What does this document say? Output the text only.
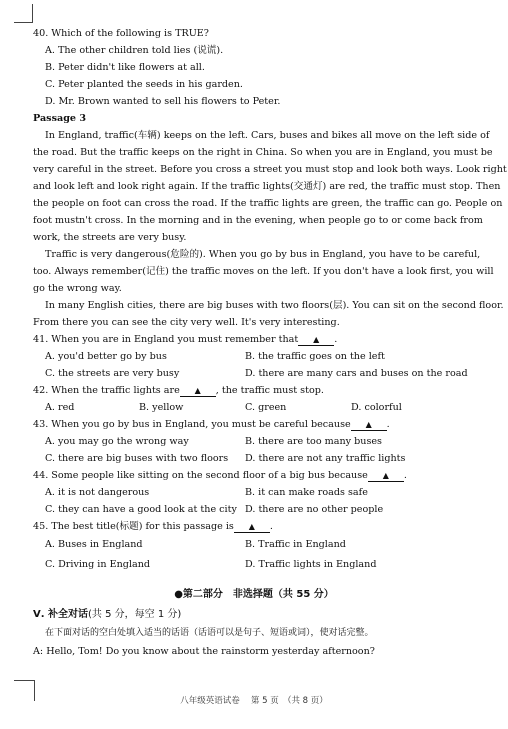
40. Which of the following is TRUE?
A. The other children told lies (说谎).
B. Peter didn't like flowers at all.
C. Peter planted the seeds in his garden.
D. Mr. Brown wanted to sell his flowers to Peter.
Passage 3
In England, traffic(车辆) keeps on the left. Cars, buses and bikes all move on the left side of
the road. But the traffic keeps on the right in China. So when you are in England, you must be
very careful in the street. Before you cross a street you must stop and look both ways. Look right
and look left and look right again. If the traffic lights(交通灯) are red, the traffic must stop. Then
the people on foot can cross the road. If the traffic lights are green, the traffic can go. People on
foot mustn't cross. In the morning and in the evening, when people go to or come back from
work, the streets are very busy.
Traffic is very dangerous(危险的). When you go by bus in England, you have to be careful,
too. Always remember(记住) the traffic moves on the left. If you don't have a look first, you will
go the wrong way.
In many English cities, there are big buses with two floors(层). You can sit on the second floor.
From there you can see the city very well. It's very interesting.
41. When you are in England you must remember that ▲ .
A. you'd better go by bus	B. the traffic goes on the left
C. the streets are very busy	D. there are many cars and buses on the road
42. When the traffic lights are ▲ , the traffic must stop.
A. red	B. yellow	C. green	D. colorful
43. When you go by bus in England, you must be careful because ▲ .
A. you may go the wrong way	B. there are too many buses
C. there are big buses with two floors	D. there are not any traffic lights
44. Some people like sitting on the second floor of a big bus because ▲ .
A. it is not dangerous	B. it can make roads safe
C. they can have a good look at the city D. there are no other people
45. The best title(标题) for this passage is ▲ .
A. Buses in England	B. Traffic in England
C. Driving in England	D. Traffic lights in England
●第二部分　非选择题（共 55 分）
Ⅴ. 补全对话(共 5 分，每空 1 分)
在下面对话的空白处填入适当的话语（话语可以是句子、短语或词），使对话完整。
A: Hello, Tom! Do you know about the rainstorm yesterday afternoon?
八年级英语试卷　 第 5 页　（共 8 页）
